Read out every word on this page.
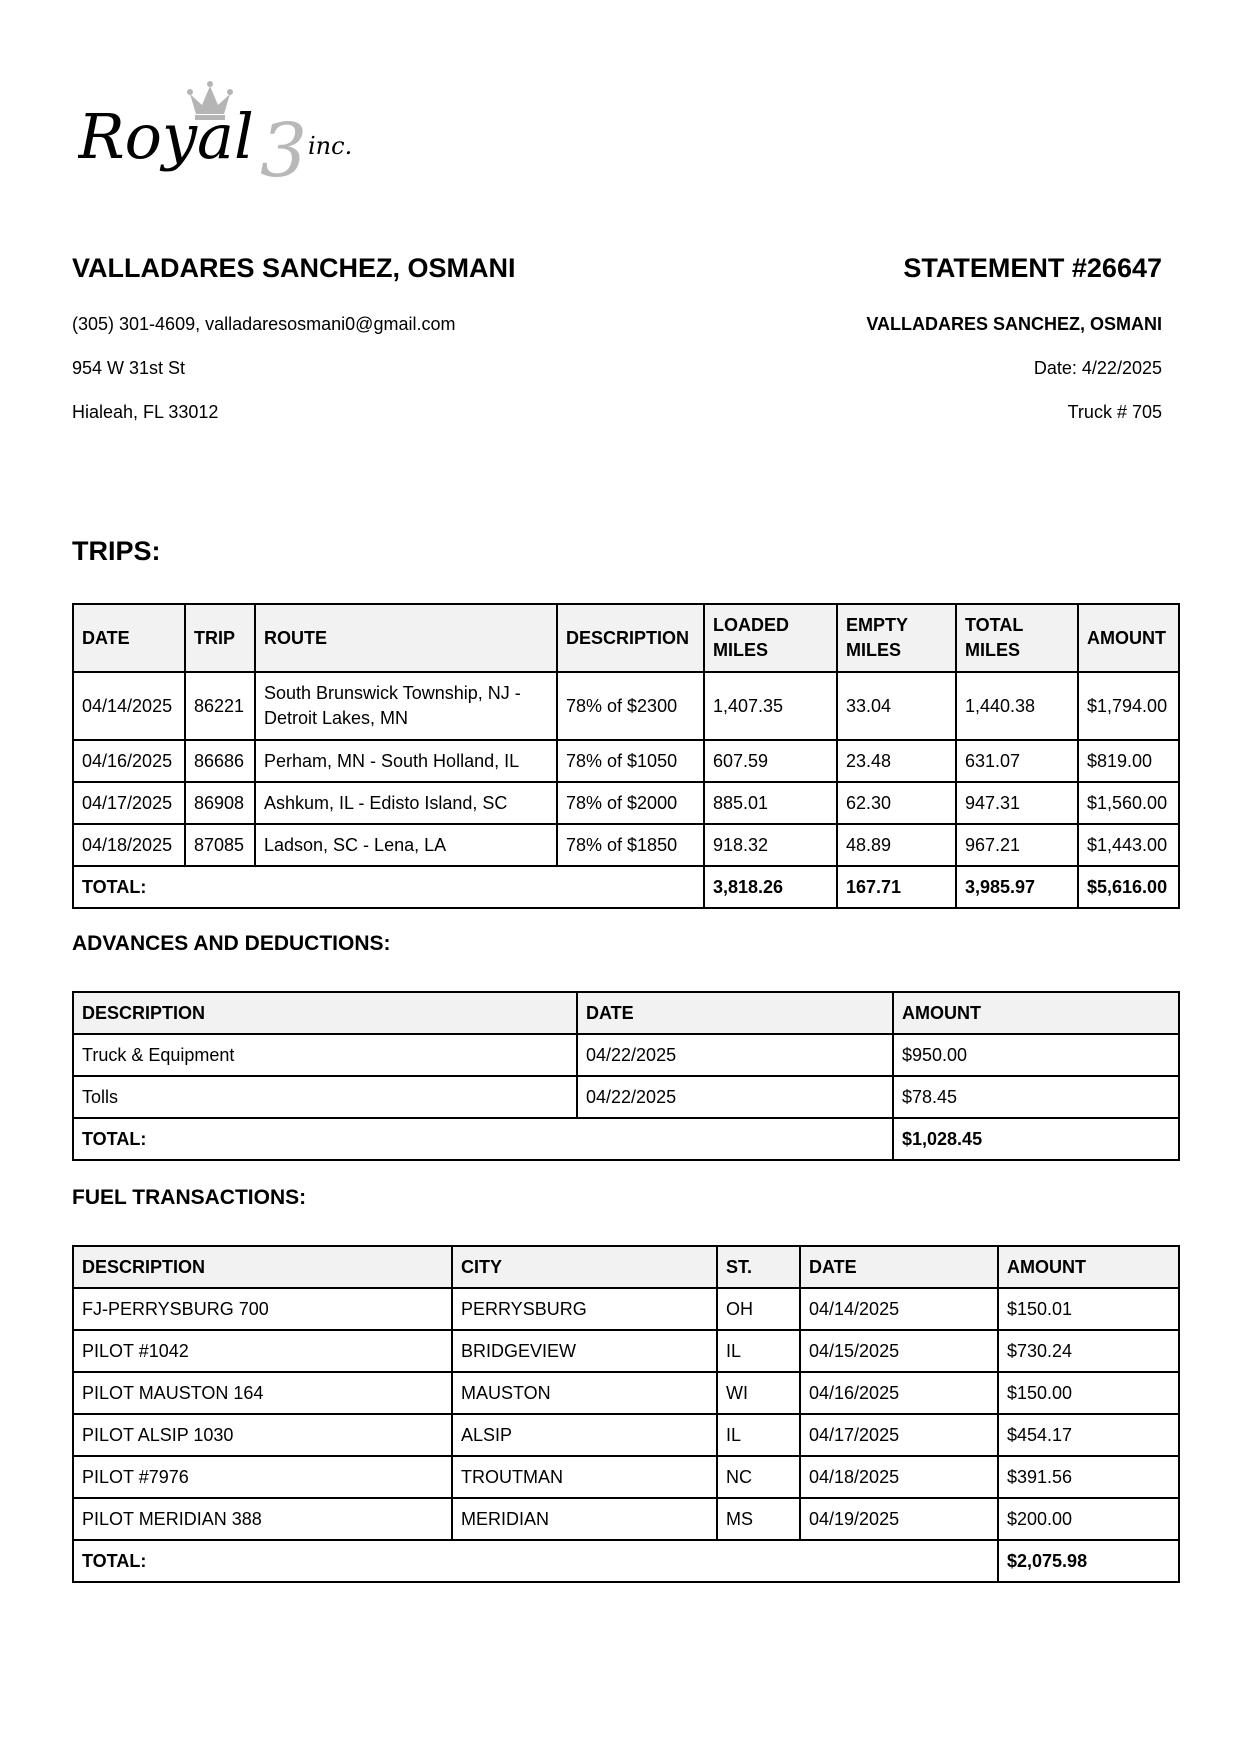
Royal 3 inc.
VALLADARES SANCHEZ, OSMANI
(305) 301-4609, valladaresosmani0@gmail.com
954 W 31st St
Hialeah, FL 33012
STATEMENT #26647
VALLADARES SANCHEZ, OSMANI
Date: 4/22/2025
Truck # 705
TRIPS:
DATE	TRIP	ROUTE	DESCRIPTION	LOADED MILES	EMPTY MILES	TOTAL MILES	AMOUNT
04/14/2025	86221	South Brunswick Township, NJ - Detroit Lakes, MN	78% of $2300	1,407.35	33.04	1,440.38	$1,794.00
04/16/2025	86686	Perham, MN - South Holland, IL	78% of $1050	607.59	23.48	631.07	$819.00
04/17/2025	86908	Ashkum, IL - Edisto Island, SC	78% of $2000	885.01	62.30	947.31	$1,560.00
04/18/2025	87085	Ladson, SC - Lena, LA	78% of $1850	918.32	48.89	967.21	$1,443.00
TOTAL:				3,818.26	167.71	3,985.97	$5,616.00
ADVANCES AND DEDUCTIONS:
DESCRIPTION	DATE	AMOUNT
Truck & Equipment	04/22/2025	$950.00
Tolls	04/22/2025	$78.45
TOTAL:		$1,028.45
FUEL TRANSACTIONS:
DESCRIPTION	CITY	ST.	DATE	AMOUNT
FJ-PERRYSBURG 700	PERRYSBURG	OH	04/14/2025	$150.01
PILOT #1042	BRIDGEVIEW	IL	04/15/2025	$730.24
PILOT MAUSTON 164	MAUSTON	WI	04/16/2025	$150.00
PILOT ALSIP 1030	ALSIP	IL	04/17/2025	$454.17
PILOT #7976	TROUTMAN	NC	04/18/2025	$391.56
PILOT MERIDIAN 388	MERIDIAN	MS	04/19/2025	$200.00
TOTAL:				$2,075.98
